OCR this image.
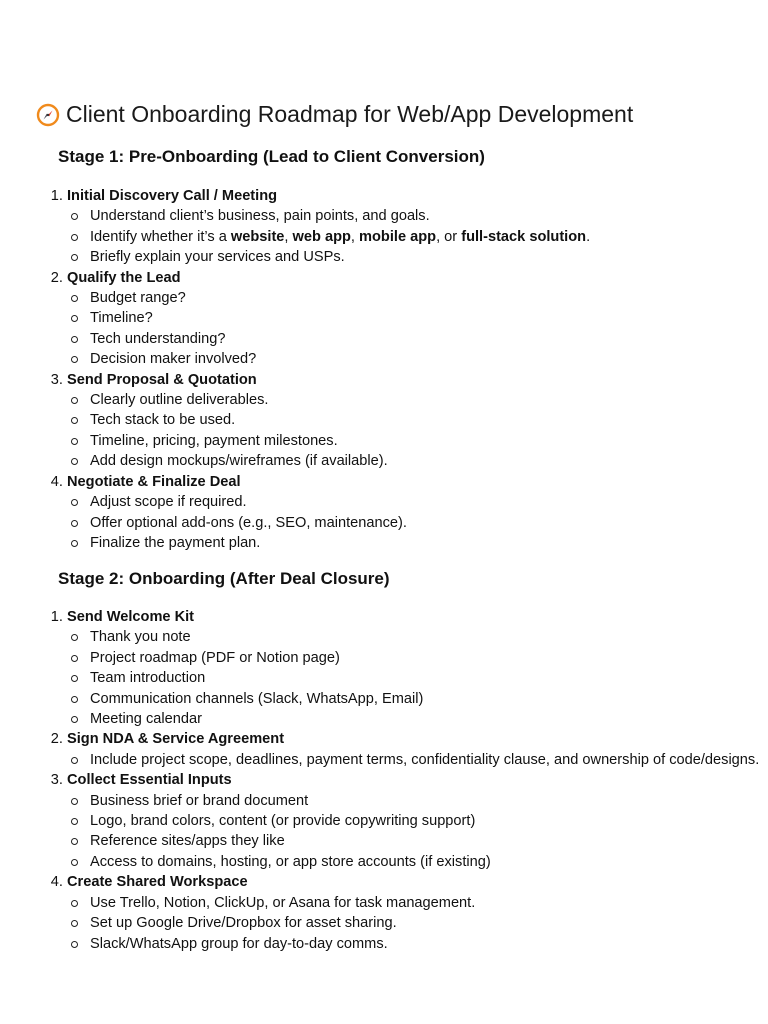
Client Onboarding Roadmap for Web/App Development
Stage 1: Pre-Onboarding (Lead to Client Conversion)
1. Initial Discovery Call / Meeting
Understand client’s business, pain points, and goals.
Identify whether it’s a website, web app, mobile app, or full-stack solution.
Briefly explain your services and USPs.
2. Qualify the Lead
Budget range?
Timeline?
Tech understanding?
Decision maker involved?
3. Send Proposal & Quotation
Clearly outline deliverables.
Tech stack to be used.
Timeline, pricing, payment milestones.
Add design mockups/wireframes (if available).
4. Negotiate & Finalize Deal
Adjust scope if required.
Offer optional add-ons (e.g., SEO, maintenance).
Finalize the payment plan.
Stage 2: Onboarding (After Deal Closure)
1. Send Welcome Kit
Thank you note
Project roadmap (PDF or Notion page)
Team introduction
Communication channels (Slack, WhatsApp, Email)
Meeting calendar
2. Sign NDA & Service Agreement
Include project scope, deadlines, payment terms, confidentiality clause, and ownership of code/designs.
3. Collect Essential Inputs
Business brief or brand document
Logo, brand colors, content (or provide copywriting support)
Reference sites/apps they like
Access to domains, hosting, or app store accounts (if existing)
4. Create Shared Workspace
Use Trello, Notion, ClickUp, or Asana for task management.
Set up Google Drive/Dropbox for asset sharing.
Slack/WhatsApp group for day-to-day comms.
